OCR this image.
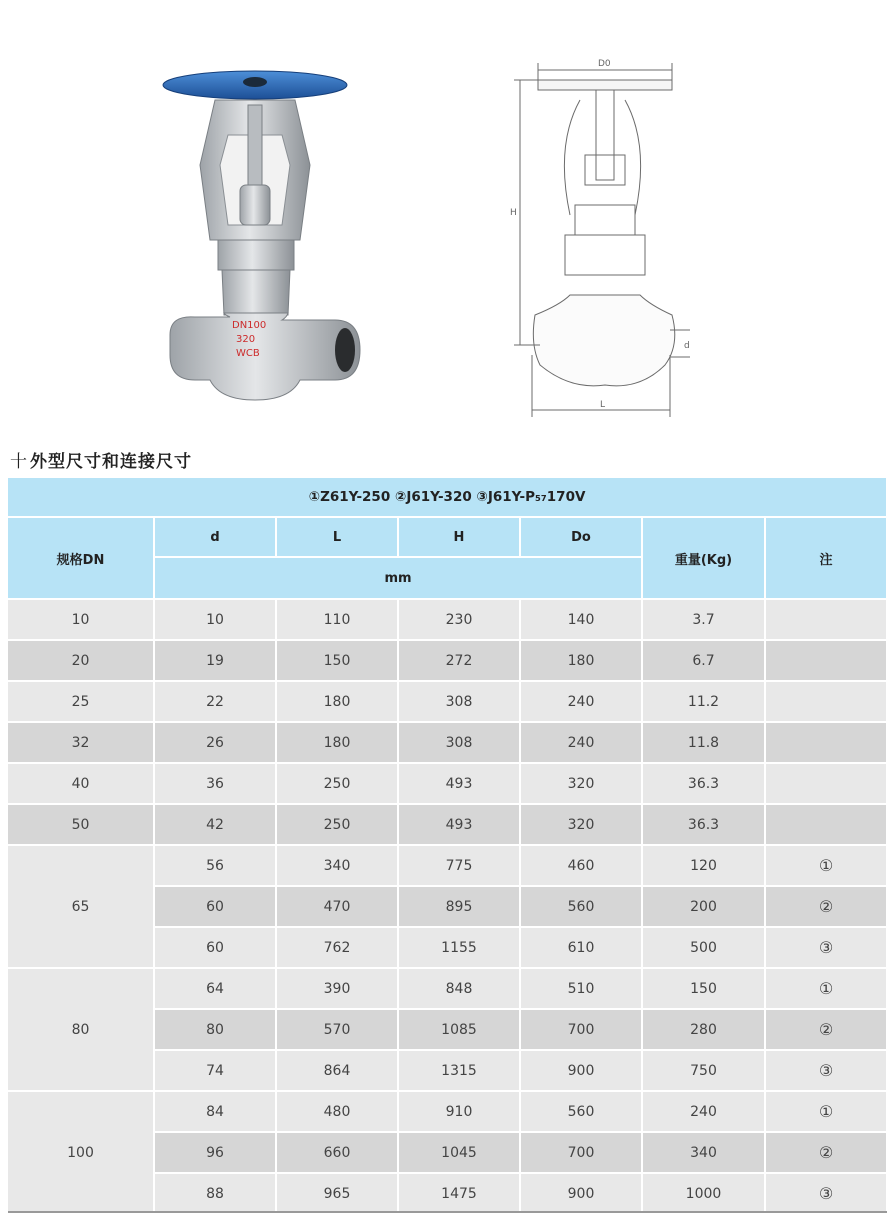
DN100
320
WCB
D0
d
H
L
十 外型尺寸和连接尺寸
①Z61Y-250 ②J61Y-320 ③J61Y-P₅₇170V						
规格DN	d	L	H	Do	重量(Kg)	注
	mm					
10	10	110	230	140	3.7	
20	19	150	272	180	6.7	
25	22	180	308	240	11.2	
32	26	180	308	240	11.8	
40	36	250	493	320	36.3	
50	42	250	493	320	36.3	
65	56	340	775	460	120	①
	60	470	895	560	200	②
	60	762	1155	610	500	③
80	64	390	848	510	150	①
	80	570	1085	700	280	②
	74	864	1315	900	750	③
100	84	480	910	560	240	①
	96	660	1045	700	340	②
	88	965	1475	900	1000	③
